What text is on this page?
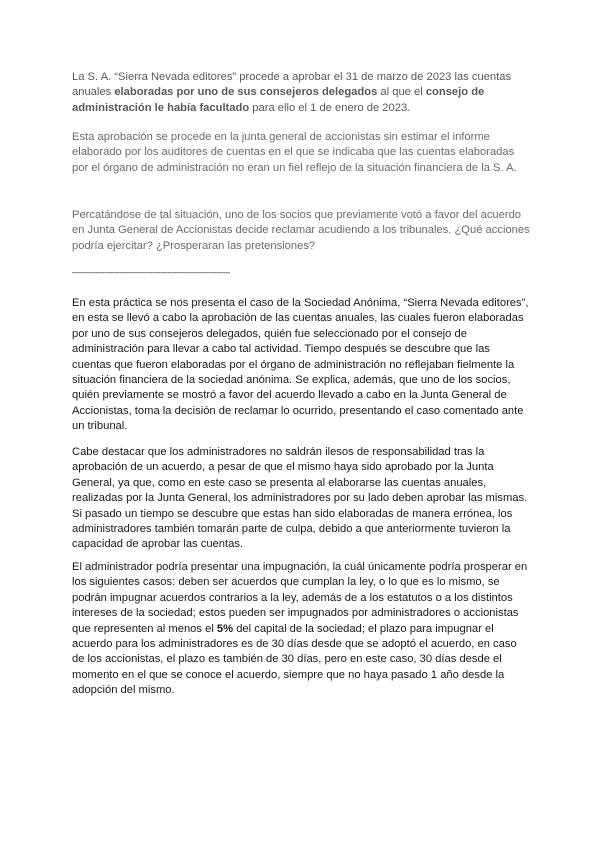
La S. A. “Sierra Nevada editores” procede a aprobar el 31 de marzo de 2023 las cuentas anuales elaboradas por uno de sus consejeros delegados al que el consejo de administración le había facultado para ello el 1 de enero de 2023.

Esta aprobación se procede en la junta general de accionistas sin estimar el informe elaborado por los auditores de cuentas en el que se indicaba que las cuentas elaboradas por el órgano de administración no eran un fiel reflejo de la situación financiera de la S. A.

Percatándose de tal situación, uno de los socios que previamente votó a favor del acuerdo en Junta General de Accionistas decide reclamar acudiendo a los tribunales. ¿Qué acciones podría ejercitar? ¿Prosperaran las pretensiones?

——------------------------------------------------------------------

En esta práctica se nos presenta el caso de la Sociedad Anónima, “Sierra Nevada editores”, en esta se llevó a cabo la aprobación de las cuentas anuales, las cuales fueron elaboradas por uno de sus consejeros delegados, quién fue seleccionado por el consejo de administración para llevar a cabo tal actividad. Tiempo después se descubre que las cuentas que fueron elaboradas por el órgano de administración no reflejaban fielmente la situación financiera de la sociedad anónima. Se explica, además, que uno de los socios, quién previamente se mostró a favor del acuerdo llevado a cabo en la Junta General de Accionistas, toma la decisión de reclamar lo ocurrido, presentando el caso comentado ante un tribunal.

Cabe destacar que los administradores no saldrán ilesos de responsabilidad tras la aprobación de un acuerdo, a pesar de que el mismo haya sido aprobado por la Junta General, ya que, como en este caso se presenta al elaborarse las cuentas anuales, realizadas por la Junta General, los administradores por su lado deben aprobar las mismas. Si pasado un tiempo se descubre que estas han sido elaboradas de manera errónea, los administradores también tomarán parte de culpa, debido a que anteriormente tuvieron la capacidad de aprobar las cuentas.

El administrador podría presentar una impugnación, la cuál únicamente podría prosperar en los siguientes casos: deben ser acuerdos que cumplan la ley, o lo que es lo mismo, se podrán impugnar acuerdos contrarios a la ley, además de a los estatutos o a los distintos intereses de la sociedad; estos pueden ser impugnados por administradores o accionistas que representen al menos el 5% del capital de la sociedad; el plazo para impugnar el acuerdo para los administradores es de 30 días desde que se adoptó el acuerdo, en caso de los accionistas, el plazo es también de 30 días, pero en este caso, 30 días desde el momento en el que se conoce el acuerdo, siempre que no haya pasado 1 año desde la adopción del mismo.
